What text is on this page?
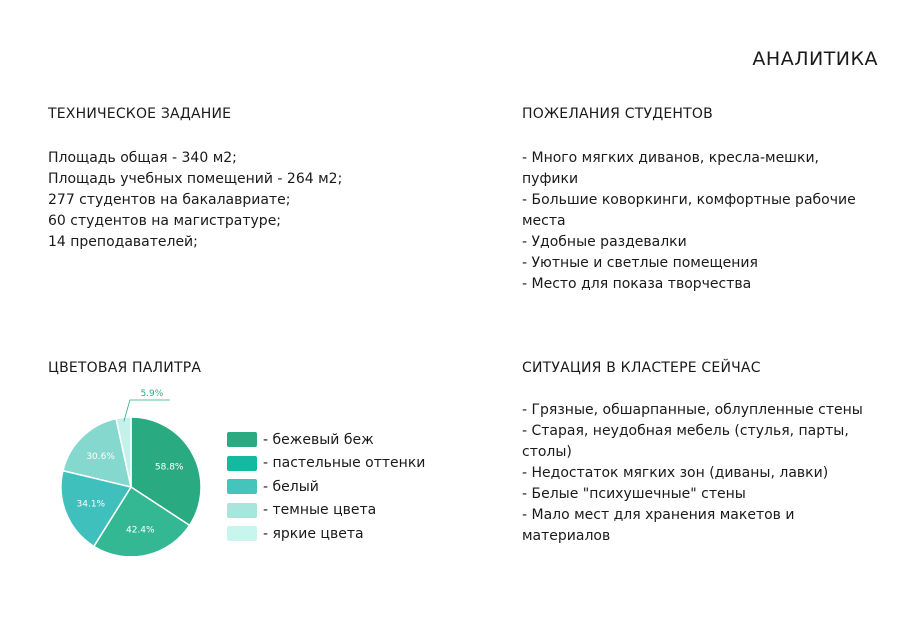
АНАЛИТИКА
ТЕХНИЧЕСКОЕ ЗАДАНИЕ
Площадь общая - 340 м2;
Площадь учебных помещений - 264 м2;
277 студентов на бакалавриате;
60 студентов на магистратуре;
14 преподавателей;
ПОЖЕЛАНИЯ СТУДЕНТОВ
- Много мягких диванов, кресла-мешки,
пуфики
- Большие коворкинги, комфортные рабочие
места
- Удобные раздевалки
- Уютные и светлые помещения
- Место для показа творчества
ЦВЕТОВАЯ ПАЛИТРА
58.8%
42.4%
34.1%
30.6%
5.9%
- бежевый беж
- пастельные оттенки
- белый
- темные цвета
- яркие цвета
СИТУАЦИЯ В КЛАСТЕРЕ СЕЙЧАС
- Грязные, обшарпанные, облупленные стены
- Старая, неудобная мебель (стулья, парты,
столы)
- Недостаток мягких зон (диваны, лавки)
- Белые "психушечные" стены
- Мало мест для хранения макетов и
материалов
